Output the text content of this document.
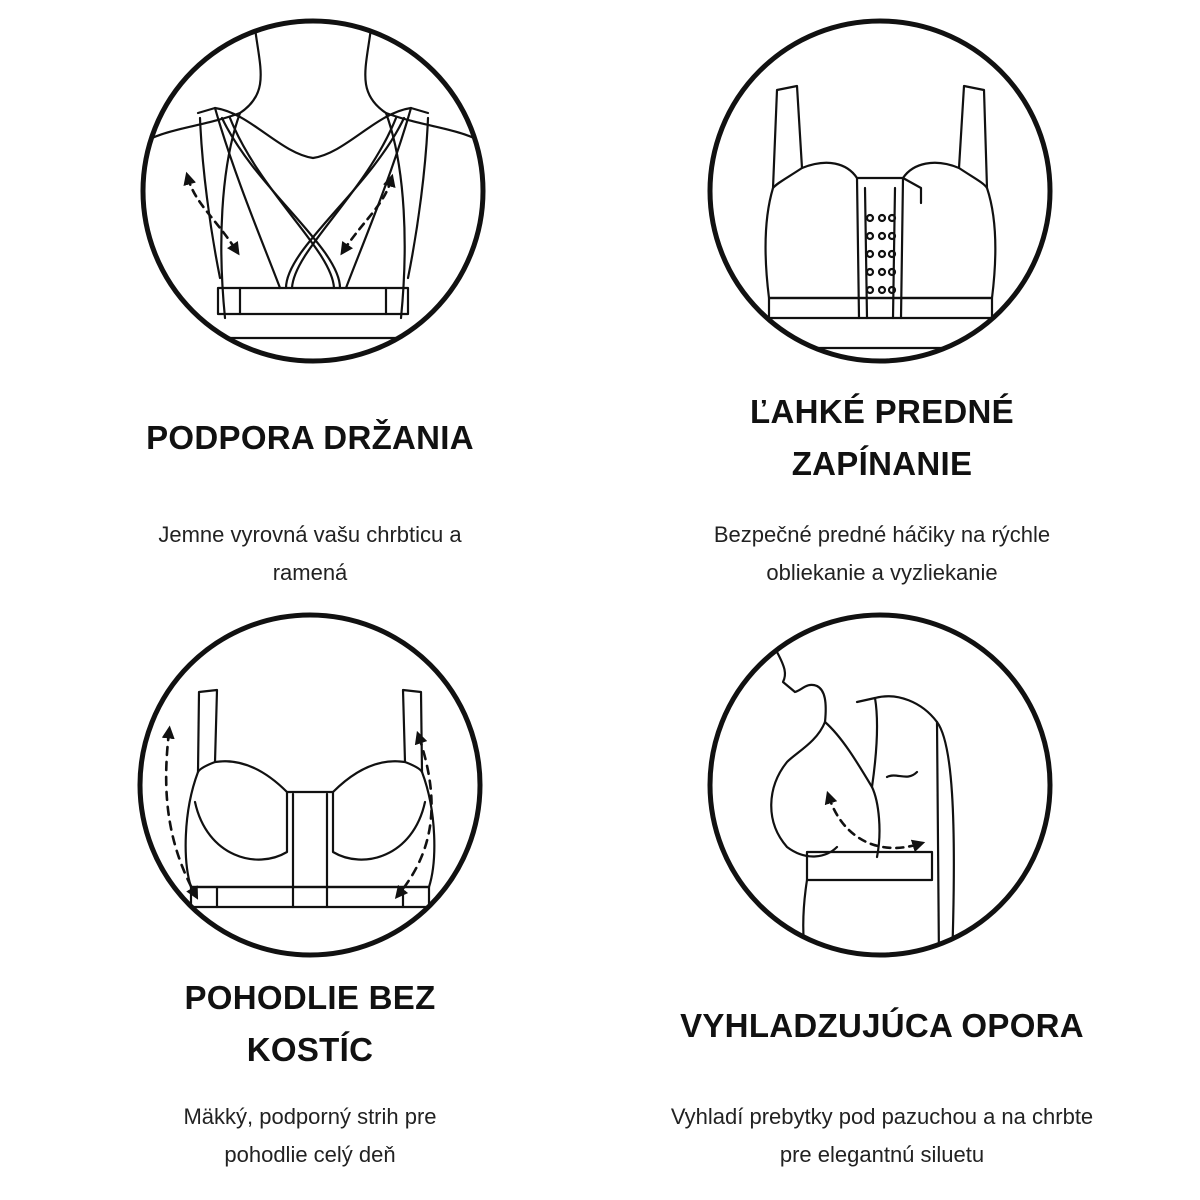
PODPORA DRŽANIA
Jemne vyrovná vašu chrbticu a
ramená
ĽAHKÉ PREDNÉ
ZAPÍNANIE
Bezpečné predné háčiky na rýchle
obliekanie a vyzliekanie
POHODLIE BEZ
KOSTÍC
Mäkký, podporný strih pre
pohodlie celý deň
VYHLADZUJÚCA OPORA
Vyhladí prebytky pod pazuchou a na chrbte
pre elegantnú siluetu
